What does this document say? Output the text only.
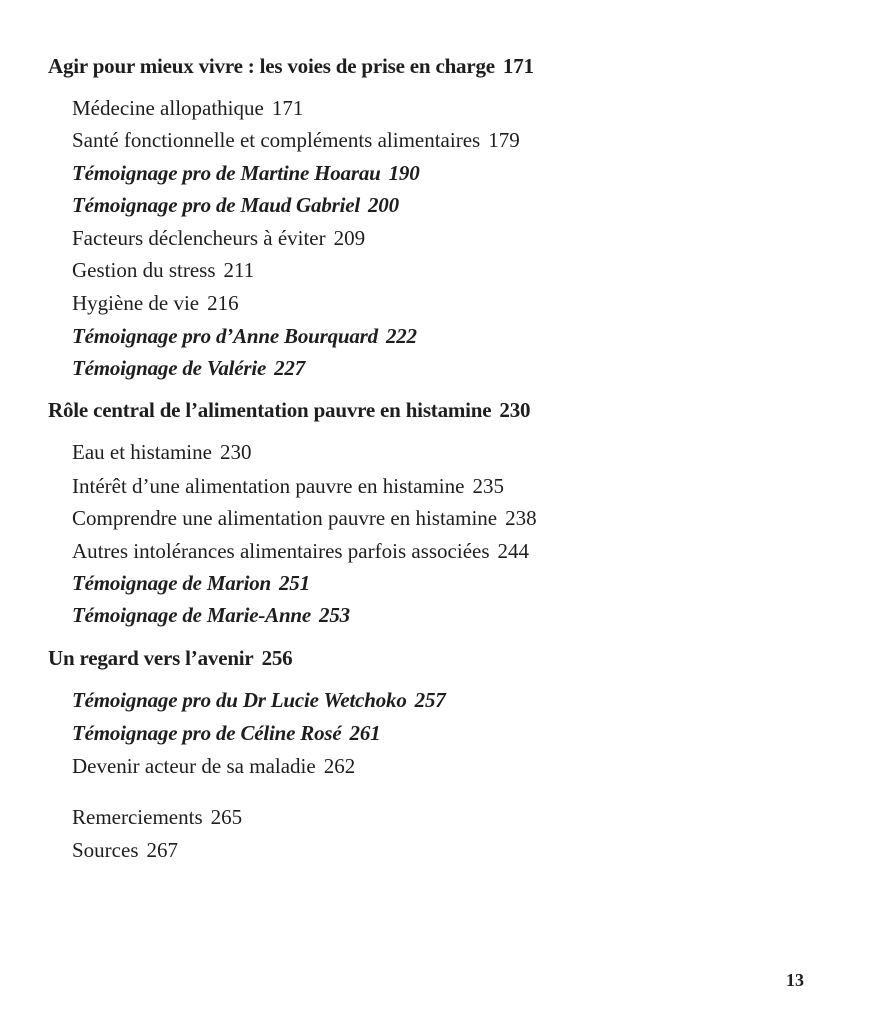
Agir pour mieux vivre : les voies de prise en charge 171
Médecine allopathique 171
Santé fonctionnelle et compléments alimentaires 179
Témoignage pro de Martine Hoarau 190
Témoignage pro de Maud Gabriel 200
Facteurs déclencheurs à éviter 209
Gestion du stress 211
Hygiène de vie 216
Témoignage pro d’Anne Bourquard 222
Témoignage de Valérie 227
Rôle central de l’alimentation pauvre en histamine 230
Eau et histamine 230
Intérêt d’une alimentation pauvre en histamine 235
Comprendre une alimentation pauvre en histamine 238
Autres intolérances alimentaires parfois associées 244
Témoignage de Marion 251
Témoignage de Marie-Anne 253
Un regard vers l’avenir 256
Témoignage pro du Dr Lucie Wetchoko 257
Témoignage pro de Céline Rosé 261
Devenir acteur de sa maladie 262
Remerciements 265
Sources 267
13
